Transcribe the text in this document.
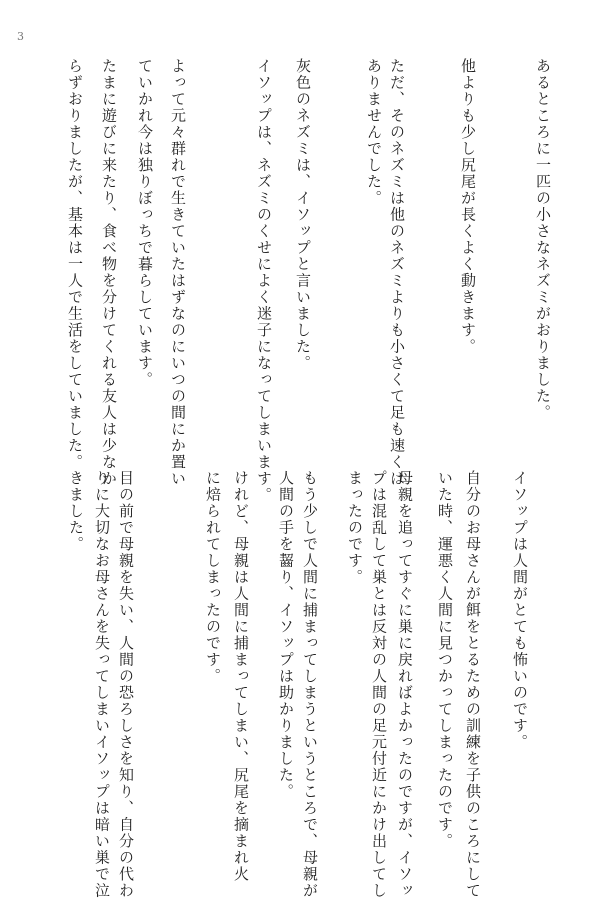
3
あるところに一匹の小さなネズミがおりました。
他よりも少し尻尾が長くよく動きます。
ただ、そのネズミは他のネズミよりも小さくて足も速くは
ありませんでした。
灰色のネズミは、イソップと言いました。
イソップは、ネズミのくせによく迷子になってしまいます。
よって元々群れで生きていたはずなのにいつの間にか置い
ていかれ今は独りぼっちで暮らしています。
たまに遊びに来たり、食べ物を分けてくれる友人は少なか
らずおりましたが、基本は一人で生活をしていました。
イソップは人間がとても怖いのです。
自分のお母さんが餌をとるための訓練を子供のころにして
いた時、運悪く人間に見つかってしまったのです。
母親を追ってすぐに巣に戻ればよかったのですが、イソッ
プは混乱して巣とは反対の人間の足元付近にかけ出してし
まったのです。
もう少しで人間に捕まってしまうというところで、母親が
人間の手を齧り、イソップは助かりました。
けれど、母親は人間に捕まってしまい、尻尾を摘まれ火
に焙られてしまったのです。
目の前で母親を失い、人間の恐ろしさを知り、自分の代わ
りに大切なお母さんを失ってしまいイソップは暗い巣で泣
きました。
